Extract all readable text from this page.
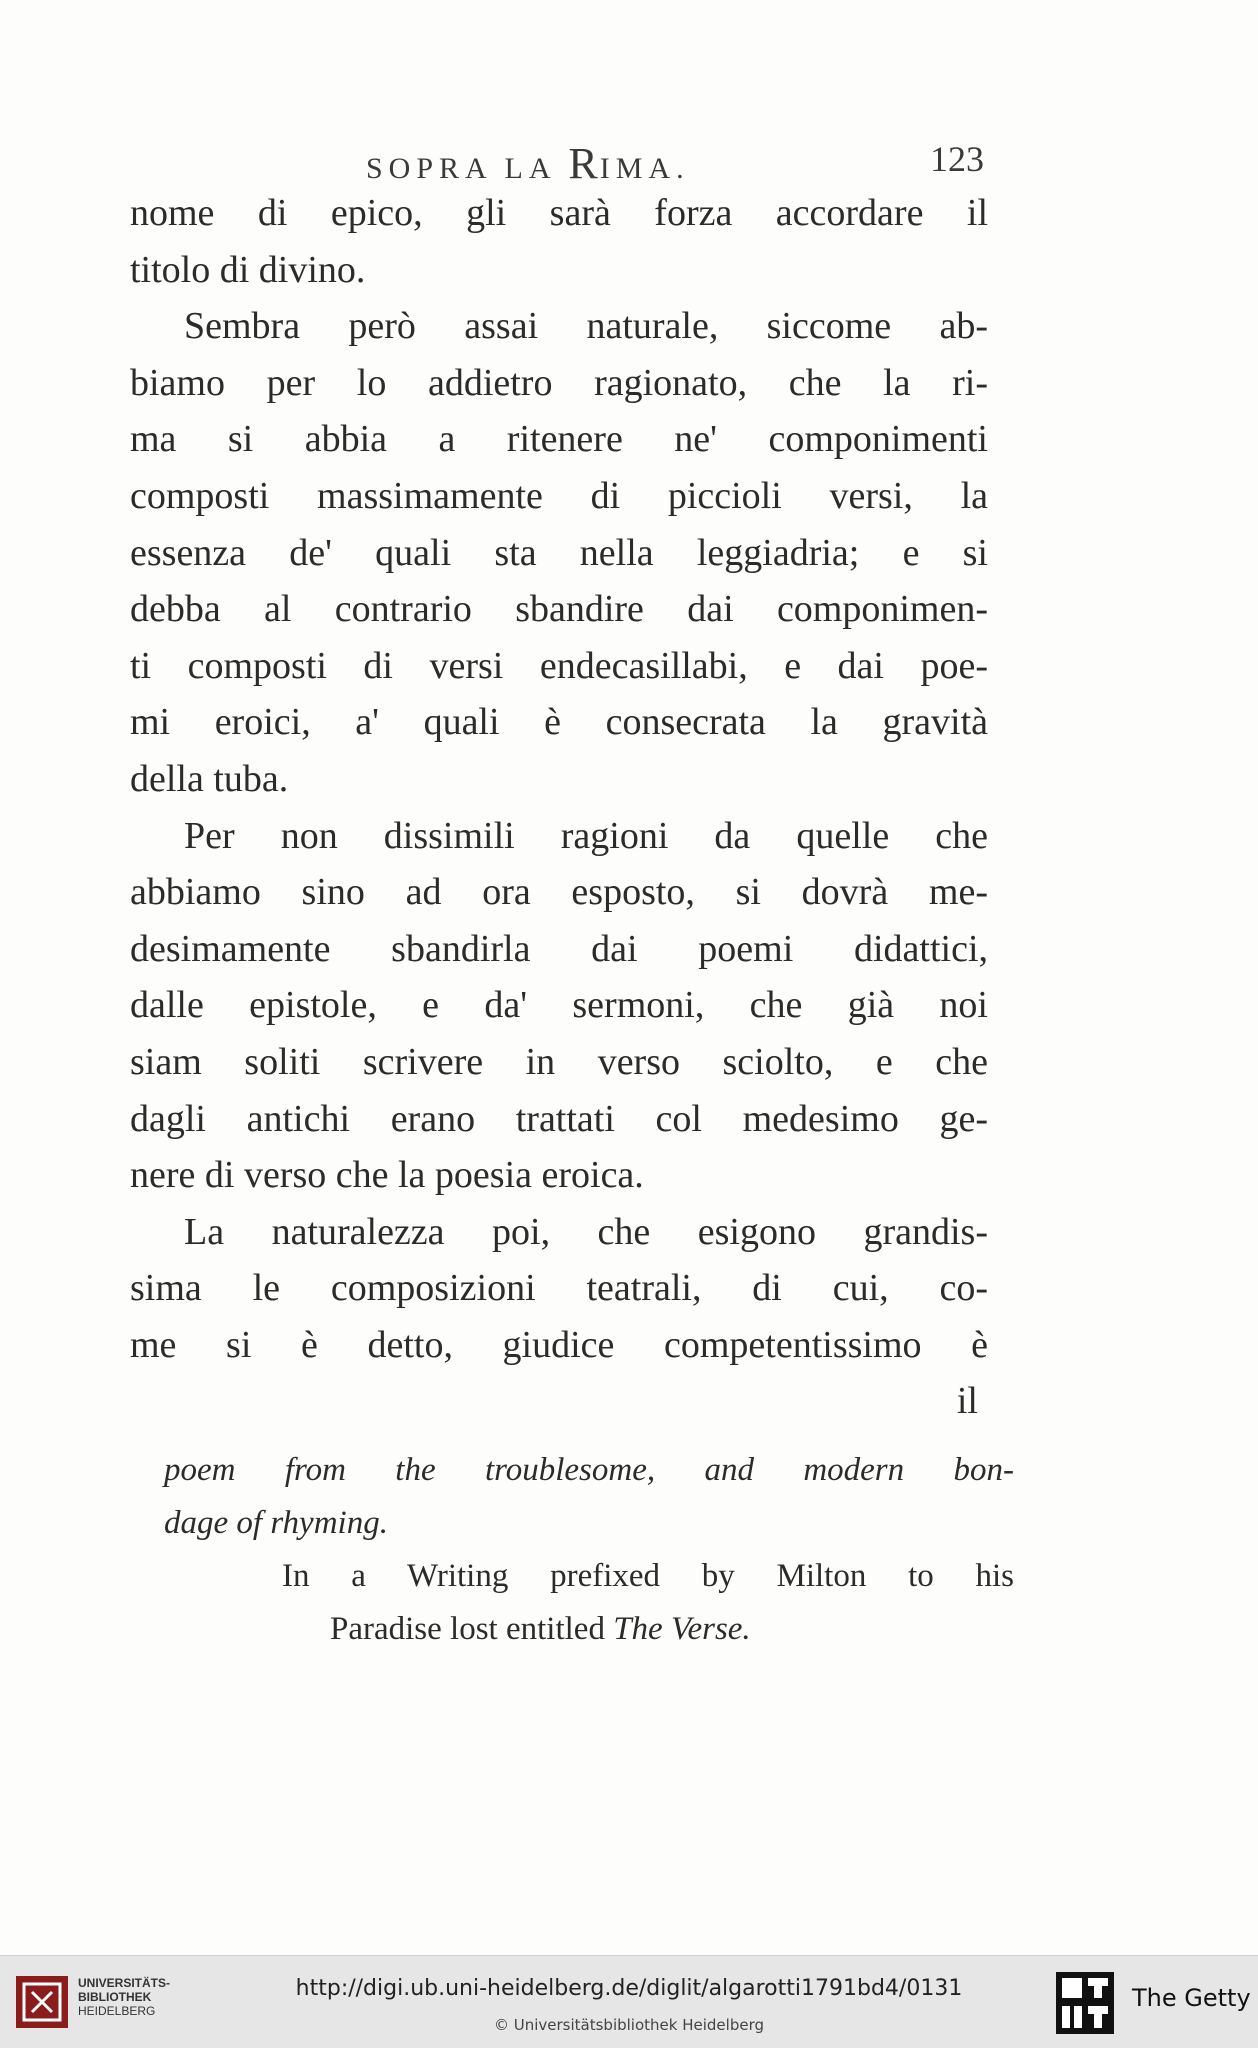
SOPRA LA RIMA.	123
nome di epico, gli sarà forza accordare il
titolo di divino.
Sembra però assai naturale, siccome ab-
biamo per lo addietro ragionato, che la ri-
ma si abbia a ritenere ne' componimenti
composti massimamente di piccioli versi, la
essenza de' quali sta nella leggiadria; e si
debba al contrario sbandire dai componimen-
ti composti di versi endecasillabi, e dai poe-
mi eroici, a' quali è consecrata la gravità
della tuba.
Per non dissimili ragioni da quelle che
abbiamo sino ad ora esposto, si dovrà me-
desimamente sbandirla dai poemi didattici,
dalle epistole, e da' sermoni, che già noi
siam soliti scrivere in verso sciolto, e che
dagli antichi erano trattati col medesimo ge-
nere di verso che la poesia eroica.
La naturalezza poi, che esigono grandis-
sima le composizioni teatrali, di cui, co-
me si è detto, giudice competentissimo è
il
poem from the troublesome, and modern bon-
dage of rhyming.
In a Writing prefixed by Milton to his
Paradise lost entitled The Verse.
UNIVERSITÄTS-
BIBLIOTHEK
HEIDELBERG
http://digi.ub.uni-heidelberg.de/diglit/algarotti1791bd4/0131
© Universitätsbibliothek Heidelberg
The Getty
